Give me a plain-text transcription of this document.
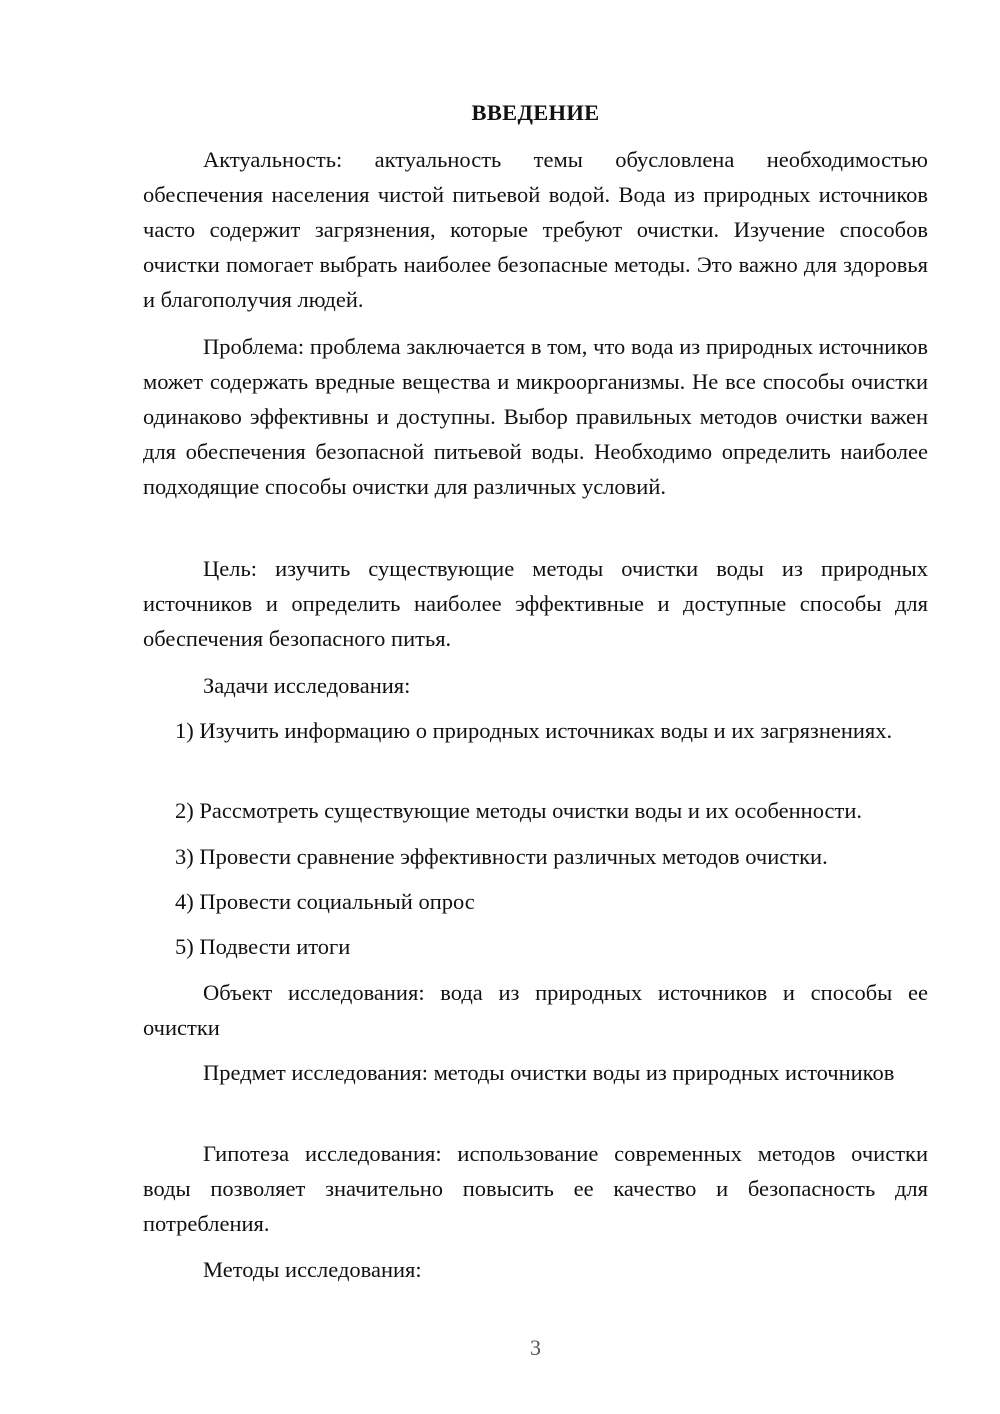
ВВЕДЕНИЕ

Актуальность: актуальность темы обусловлена необходимостью обеспечения населения чистой питьевой водой. Вода из природных источников часто содержит загрязнения, которые требуют очистки. Изучение способов очистки помогает выбрать наиболее безопасные методы. Это важно для здоровья и благополучия людей.

Проблема: проблема заключается в том, что вода из природных источников может содержать вредные вещества и микроорганизмы. Не все способы очистки одинаково эффективны и доступны. Выбор правильных методов очистки важен для обеспечения безопасной питьевой воды. Необходимо определить наиболее подходящие способы очистки для различных условий.

Цель: изучить существующие методы очистки воды из природных источников и определить наиболее эффективные и доступные способы для обеспечения безопасного питья.

Задачи исследования:

1) Изучить информацию о природных источниках воды и их загрязнениях.

2) Рассмотреть существующие методы очистки воды и их особенности.

3) Провести сравнение эффективности различных методов очистки.

4) Провести социальный опрос

5) Подвести итоги

Объект исследования: вода из природных источников и способы ее очистки

Предмет исследования: методы очистки воды из природных источников

Гипотеза исследования: использование современных методов очистки воды позволяет значительно повысить ее качество и безопасность для потребления.

Методы исследования:

3
